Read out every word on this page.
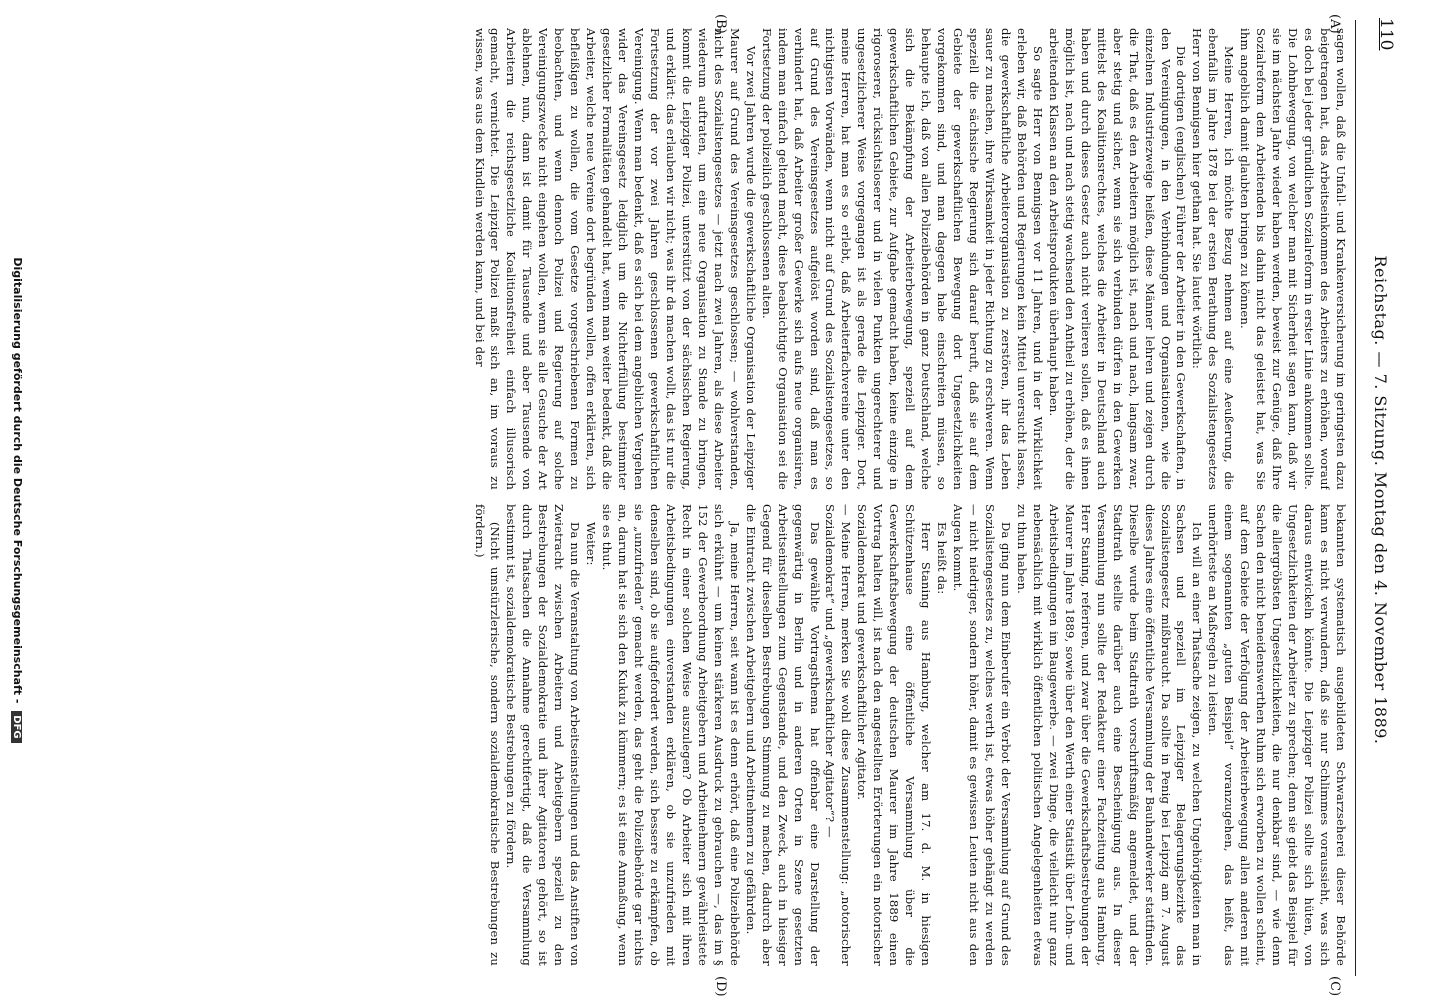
110
Reichstag. — 7. Sitzung. Montag den 4. November 1889.
(A)
(B)
(C)
(D)

sagen wollen, daß die Unfall- und Krankenversicherung im geringsten dazu beigetragen hat, das Arbeitseinkommen des Arbeiters zu erhöhen, worauf es doch bei jeder gründlichen Sozialreform in erster Linie ankommen sollte. Die Lohnbewegung, von welcher man mit Sicherheit sagen kann, daß wir sie im nächsten Jahre wieder haben werden, beweist zur Genüge, daß Ihre Sozialreform dem Arbeitenden bis dahin nicht das geleistet hat, was Sie ihm angeblich damit glaubten bringen zu können.

Meine Herren, ich möchte Bezug nehmen auf eine Aeußerung, die ebenfalls im Jahre 1878 bei der ersten Berathung des Sozialistengesetzes Herr von Bennigsen hier gethan hat. Sie lautet wörtlich:

Die dortigen (englischen) Führer der Arbeiter in den Gewerkschaften, in den Vereinigungen, in den Verbindungen und Organisationen, wie die einzelnen Industriezweige heißen, diese Männer lehren und zeigen durch die That, daß es den Arbeitern möglich ist, nach und nach, langsam zwar, aber stetig und sicher, wenn sie sich verbinden dürfen in den Gewerken mittelst des Koalitionsrechtes, welches die Arbeiter in Deutschland auch haben und durch dieses Gesetz auch nicht verlieren sollen, daß es ihnen möglich ist, nach und nach stetig wachsend den Antheil zu erhöhen, der die arbeitenden Klassen an den Arbeitsprodukten überhaupt haben.

So sagte Herr von Bennigsen vor 11 Jahren, und in der Wirklichkeit erleben wir, daß Behörden und Regierungen kein Mittel unversucht lassen, die gewerkschaftliche Arbeiterorganisation zu zerstören, ihr das Leben sauer zu machen, ihre Wirksamkeit in jeder Richtung zu erschweren. Wenn speziell die sächsische Regierung sich darauf beruft, daß sie auf dem Gebiete der gewerkschaftlichen Bewegung dort Ungesetzlichkeiten vorgekommen sind, und man dagegen habe einschreiten müssen, so behaupte ich, daß von allen Polizeibehörden in ganz Deutschland, welche sich die Bekämpfung der Arbeiterbewegung, speziell auf dem gewerkschaftlichen Gebiete, zur Aufgabe gemacht haben, keine einzige in rigoroserer, rücksichtsloserer und in vielen Punkten ungerechterer und ungesetzlicherer Weise vorgegangen ist als gerade die Leipziger. Dort, meine Herren, hat man es so erlebt, daß Arbeiterfachvereine unter den nichtigsten Vorwänden, wenn nicht auf Grund des Sozialistengesetzes, so auf Grund des Vereinsgesetzes aufgelöst worden sind, daß man es verhindert hat, daß Arbeiter großer Gewerke sich aufs neue organisiren, indem man einfach geltend macht, diese beabsichtigte Organisation sei die Fortsetzung der polizeilich geschlossenen alten.

Vor zwei Jahren wurde die gewerkschaftliche Organisation der Leipziger Maurer auf Grund des Vereinsgesetzes geschlossen; — wohlverstanden, nicht des Sozialistengesetzes — jetzt nach zwei Jahren, als diese Arbeiter wiederum auftraten, um eine neue Organisation zu Stande zu bringen, kommt die Leipziger Polizei, unterstützt von der sächsischen Regierung, und erklärt: das erlauben wir nicht; was ihr da machen wollt, das ist nur die Fortsetzung der vor zwei Jahren geschlossenen gewerkschaftlichen Vereinigung. Wenn man bedenkt, daß es sich bei dem angeblichen Vergehen wider das Vereinsgesetz lediglich um die Nichterfüllung bestimmter gesetzlicher Formalitäten gehandelt hat, wenn man weiter bedenkt, daß die Arbeiter, welche neue Vereine dort begründen wollen, offen erklärten, sich befleißigen zu wollen, die vom Gesetze vorgeschriebenen Formen zu beobachten, und wenn dennoch Polizei und Regierung auf solche Vereinigungszwecke nicht eingehen wollen, wenn sie alle Gesuche der Art ablehnen, nun, dann ist damit für Tausende und aber Tausende von Arbeitern die reichsgesetzliche Koalitionsfreiheit einfach illusorisch gemacht, vernichtet. Die Leipziger Polizei maßt sich an, im voraus zu wissen, was aus dem Kindlein werden kann, und bei der

bekannten systematisch ausgebildeten Schwarzseherei dieser Behörde kann es nicht verwundern, daß sie nur Schlimmes voraussieht, was sich daraus entwickeln könnte. Die Leipziger Polizei sollte sich hüten, von Ungesetzlichkeiten der Arbeiter zu sprechen; denn sie giebt das Beispiel für die allergröbsten Ungesetzlichkeiten, die nur denkbar sind, — wie denn Sachen den nicht beneidenswerthen Ruhm sich erworben zu wollen scheint, auf dem Gebiete der Verfolgung der Arbeiterbewegung allen anderen mit einem sogenannten „guten Beispiel“ voranzugehen, das heißt, das unerhörteste an Maßregeln zu leisten.

Ich will an einer Thatsache zeigen, zu welchen Ungehörigkeiten man in Sachsen und speziell im Leipziger Belagerungsbezirke das Sozialistengesetz mißbraucht. Da sollte in Penig bei Leipzig am 7. August dieses Jahres eine öffentliche Versammlung der Bauhandwerker stattfinden. Dieselbe wurde beim Stadtrath vorschriftsmäßig angemeldet, und der Stadtrath stellte darüber auch eine Bescheinigung aus. In dieser Versammlung nun sollte der Redakteur einer Fachzeitung aus Hamburg, Herr Staning, referiren, und zwar über die Gewerkschaftsbestrebungen der Maurer im Jahre 1889, sowie über den Werth einer Statistik über Lohn- und Arbeitsbedingungen im Baugewerbe. — zwei Dinge, die vielleicht nur ganz nebensächlich mit wirklich öffentlichen politischen Angelegenheiten etwas zu thun haben.

Da ging nun dem Einberufer ein Verbot der Versammlung auf Grund des Sozialistengesetzes zu, welches werth ist, etwas höher gehängt zu werden — nicht niedriger, sondern höher, damit es gewissen Leuten nicht aus den Augen kommt.

Es heißt da:

Herr Staning aus Hamburg, welcher am 17. d. M. in hiesigen Schützenhause eine öffentliche Versammlung über die Gewerkschaftsbewegung der deutschen Maurer im Jahre 1889 einen Vortrag halten will, ist nach den angestellten Erörterungen ein notorischer Sozialdemokrat und gewerkschaftlicher Agitator.

— Meine Herren, merken Sie wohl diese Zusammenstellung: „notorischer Sozialdemokrat“ und „gewerkschaftlicher Agitator“? —

Das gewählte Vortragsthema hat offenbar eine Darstellung der gegenwärtig in Berlin und in anderen Orten in Szene gesetzten Arbeitseinstellungen zum Gegenstande, und den Zweck, auch in hiesiger Gegend für dieselben Bestrebungen Stimmung zu machen, dadurch aber die Eintracht zwischen Arbeitgebern und Arbeitnehmern zu gefährden.

Ja, meine Herren, seit wann ist es denn erhört, daß eine Polizeibehörde sich erkühnt — um keinen stärkeren Ausdruck zu gebrauchen —, das im § 152 der Gewerbeordnung Arbeitgebern und Arbeitnehmern gewährleistete Recht in einer solchen Weise auszulegen? Ob Arbeiter sich mit ihren Arbeitsbedingungen einverstanden erklären, ob sie unzufrieden mit denselben sind, ob sie aufgefordert werden, sich bessere zu erkämpfen, ob sie „unzufrieden“ gemacht werden, das geht die Polizeibehörde gar nichts an, darum hat sie sich den Kukuk zu kümmern; es ist eine Anmaßung, wenn sie es thut.

Weiter:

Da nun die Veranstaltung von Arbeitseinstellungen und das Anstiften von Zwietracht zwischen Arbeitern und Arbeitgebern speziell zu den Bestrebungen der Sozialdemokratie und ihrer Agitatoren gehört, so ist durch Thatsachen die Annahme gerechtfertigt, daß die Versammlung bestimmt ist, sozialdemokratische Bestrebungen zu fördern.

(Nicht umstürzlerische, sondern sozialdemokratische Bestrebungen zu fördern.)

Digitalisierung gefördert durch die Deutsche Forschungsgemeinschaft - DFG
